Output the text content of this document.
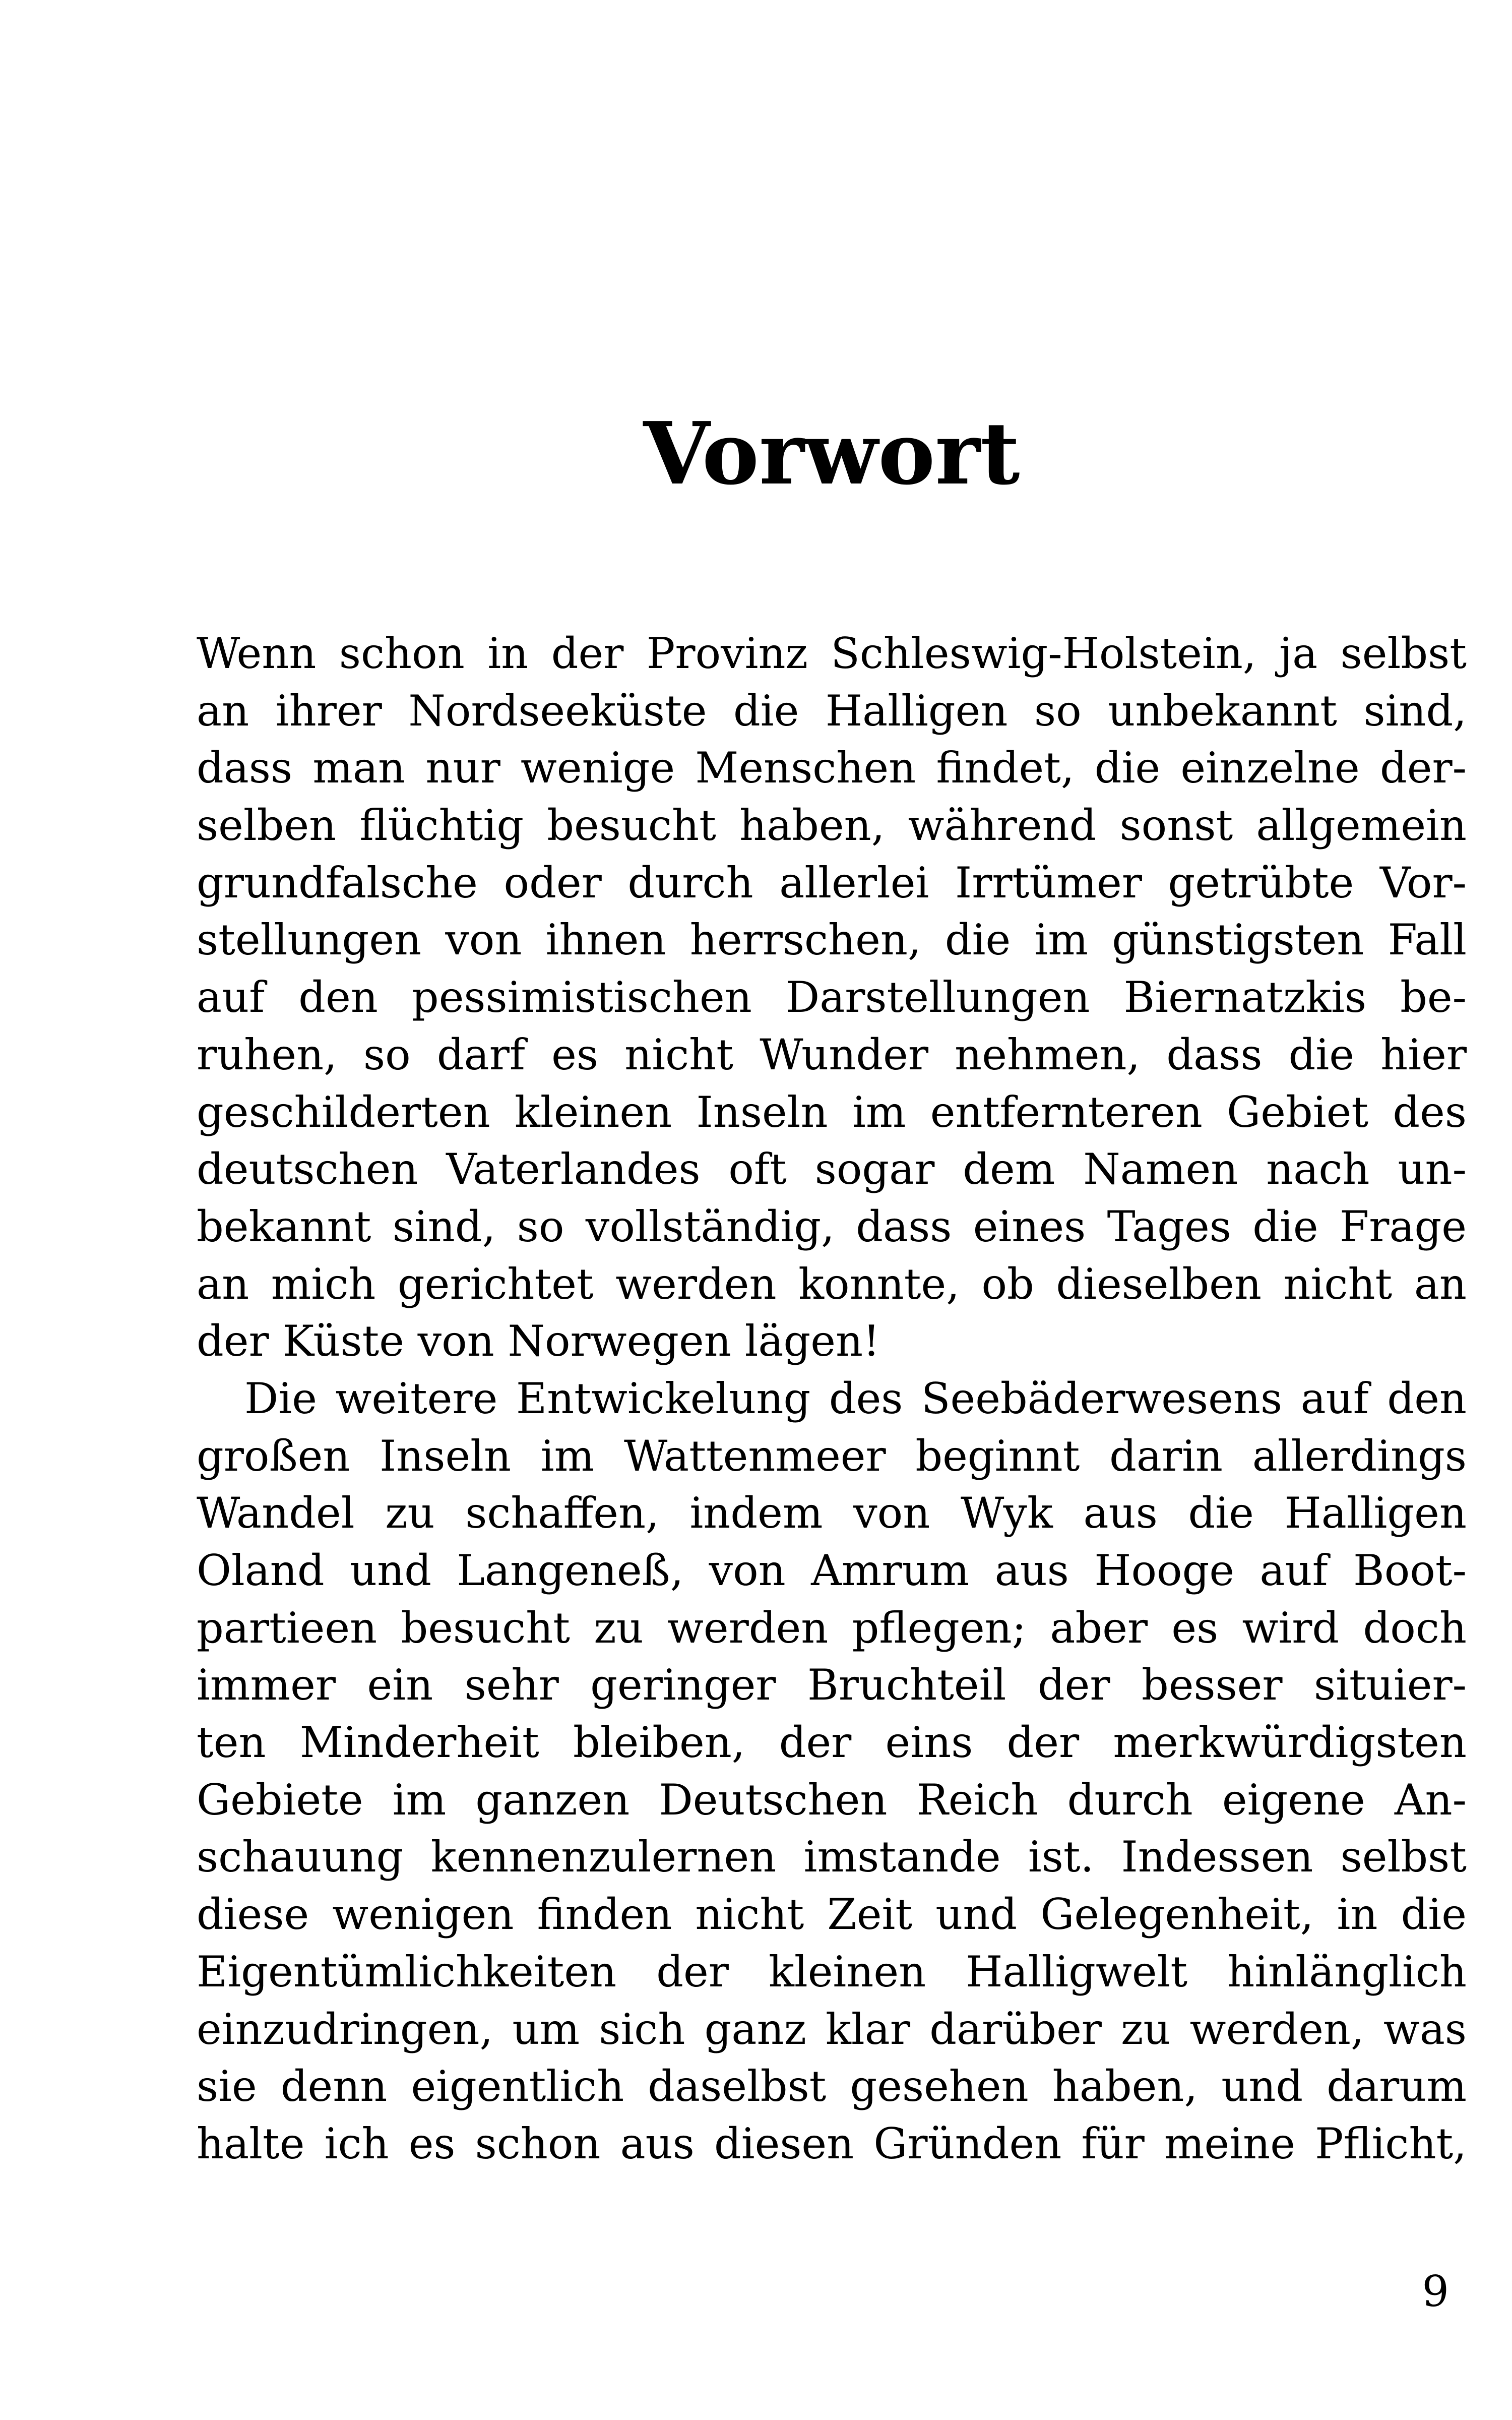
Vorwort

Wenn schon in der Provinz Schleswig-Holstein, ja selbst
an ihrer Nordseeküste die Halligen so unbekannt sind,
dass man nur wenige Menschen findet, die einzelne der-
selben flüchtig besucht haben, während sonst allgemein
grundfalsche oder durch allerlei Irrtümer getrübte Vor-
stellungen von ihnen herrschen, die im günstigsten Fall
auf den pessimistischen Darstellungen Biernatzkis be-
ruhen, so darf es nicht Wunder nehmen, dass die hier
geschilderten kleinen Inseln im entfernteren Gebiet des
deutschen Vaterlandes oft sogar dem Namen nach un-
bekannt sind, so vollständig, dass eines Tages die Frage
an mich gerichtet werden konnte, ob dieselben nicht an
der Küste von Norwegen lägen!

Die weitere Entwickelung des Seebäderwesens auf den
großen Inseln im Wattenmeer beginnt darin allerdings
Wandel zu schaffen, indem von Wyk aus die Halligen
Oland und Langeneß, von Amrum aus Hooge auf Boot-
partieen besucht zu werden pflegen; aber es wird doch
immer ein sehr geringer Bruchteil der besser situier-
ten Minderheit bleiben, der eins der merkwürdigsten
Gebiete im ganzen Deutschen Reich durch eigene An-
schauung kennenzulernen imstande ist. Indessen selbst
diese wenigen finden nicht Zeit und Gelegenheit, in die
Eigentümlichkeiten der kleinen Halligwelt hinlänglich
einzudringen, um sich ganz klar darüber zu werden, was
sie denn eigentlich daselbst gesehen haben, und darum
halte ich es schon aus diesen Gründen für meine Pflicht,

9
